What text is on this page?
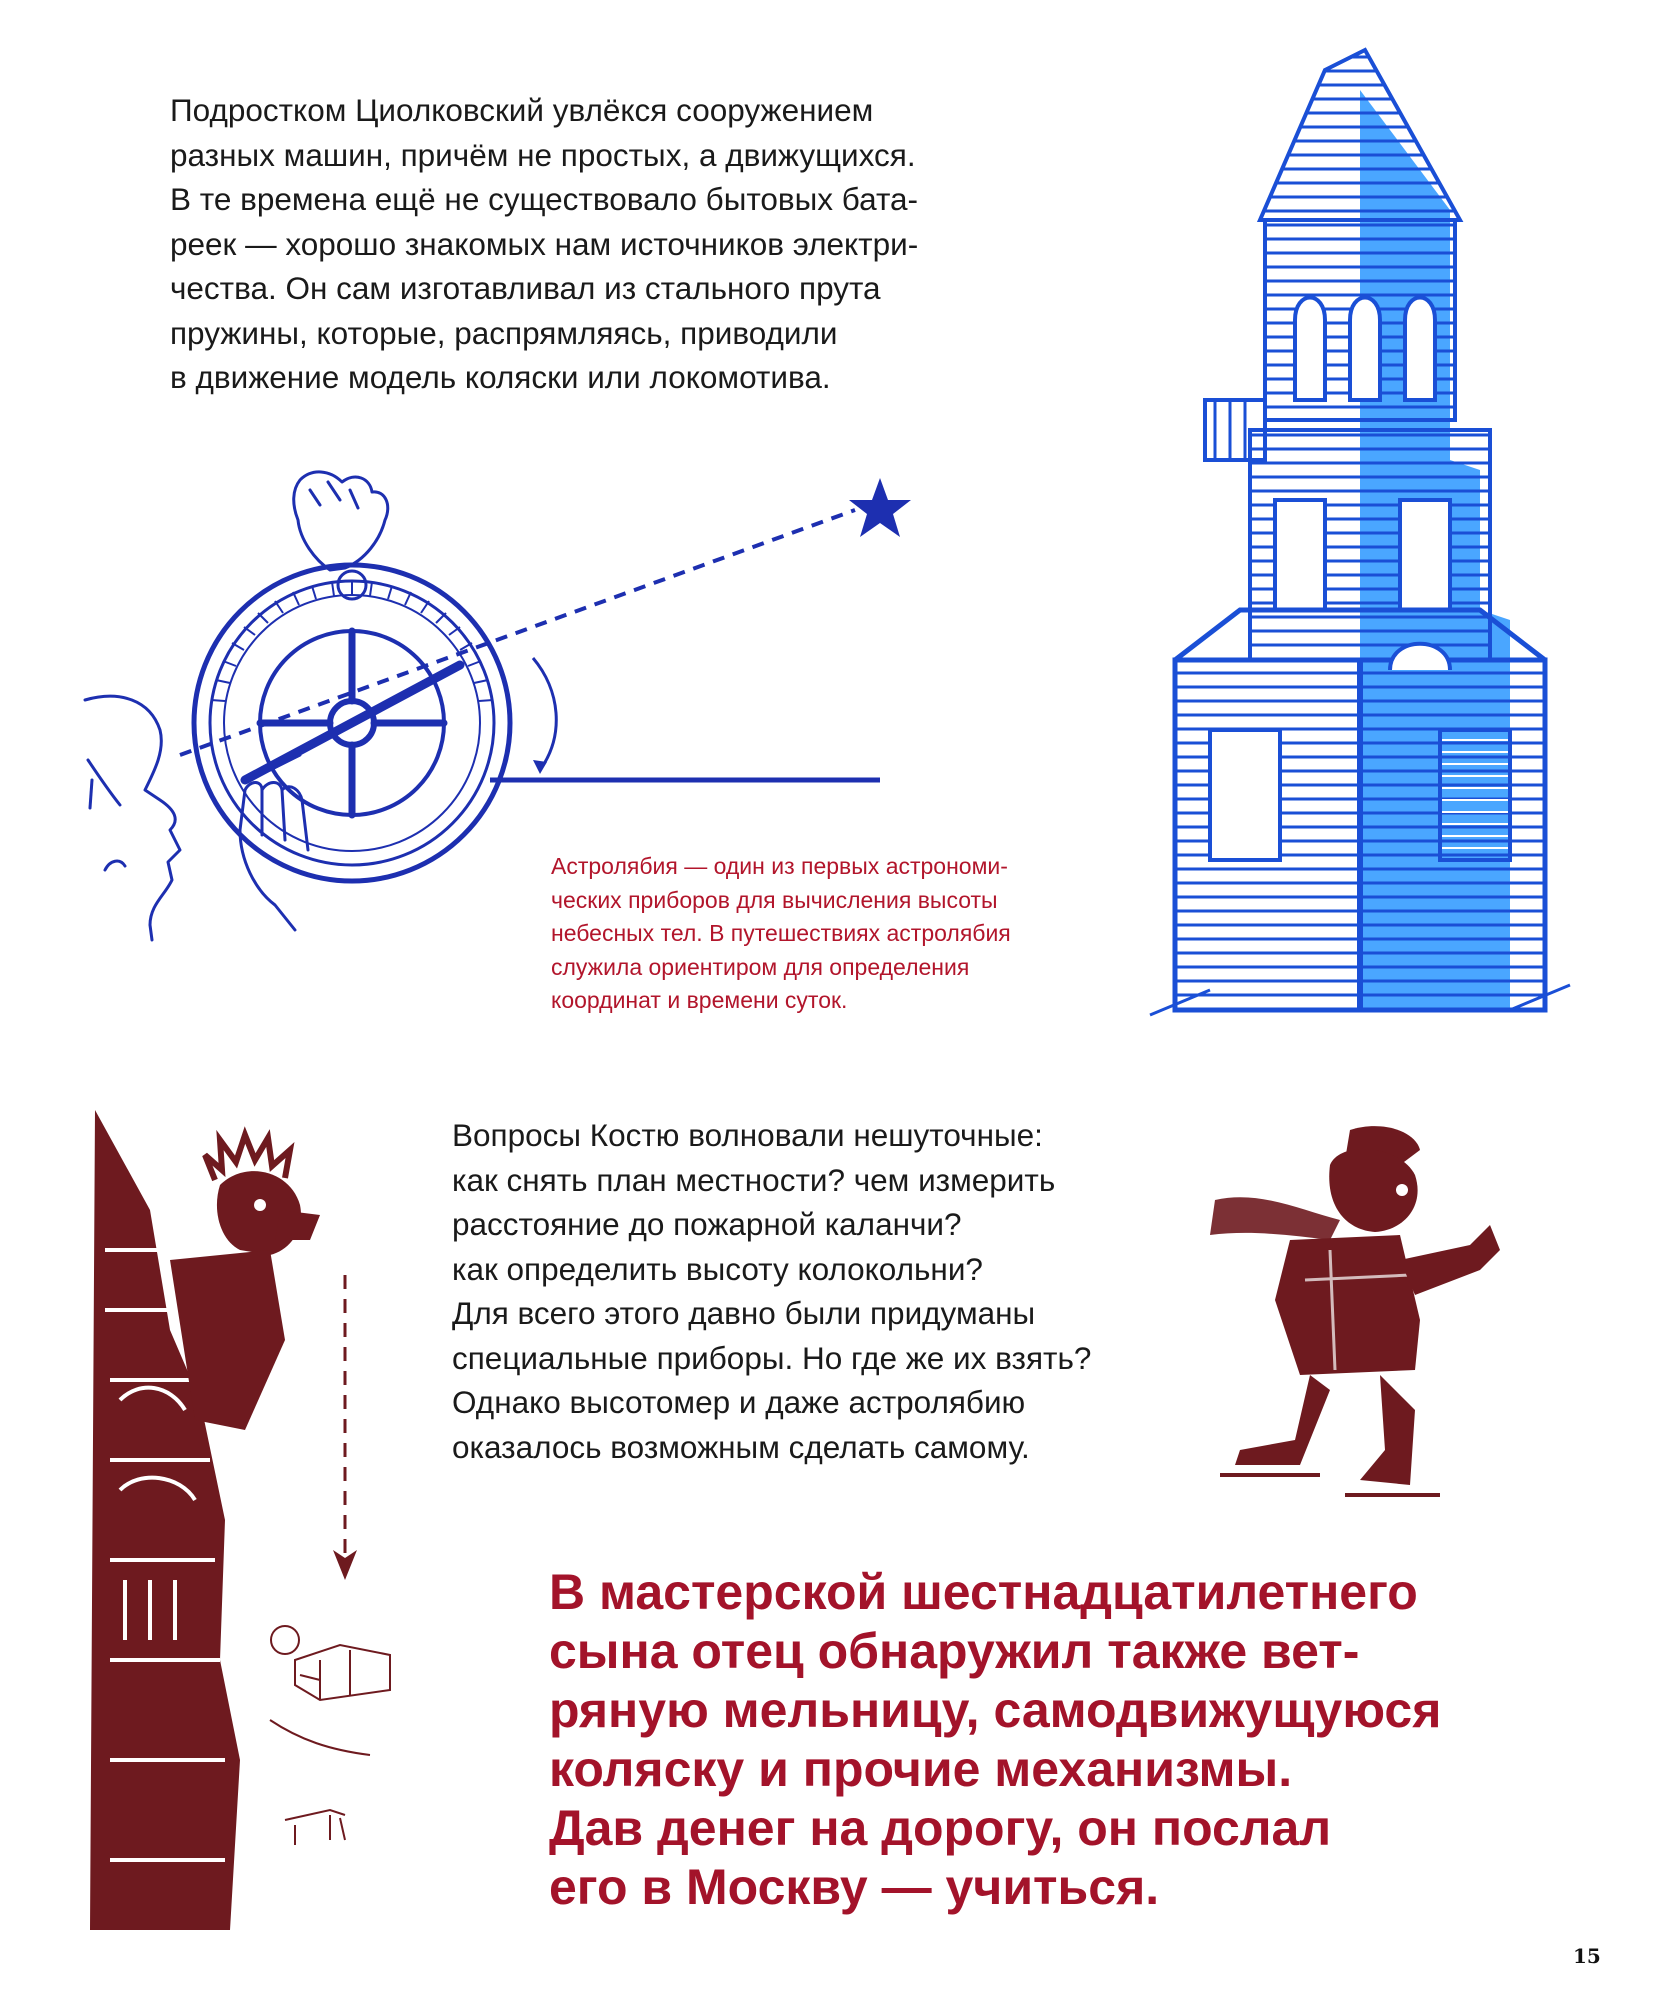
Подростком Циолковский увлёкся сооружением
разных машин, причём не простых, а движущихся.
В те времена ещё не существовало бытовых бата-
реек — хорошо знакомых нам источников электри-
чества. Он сам изготавливал из стального прута
пружины, которые, распрямляясь, приводили
в движение модель коляски или локомотива.
Астролябия — один из первых астрономи-
ческих приборов для вычисления высоты
небесных тел. В путешествиях астролябия
служила ориентиром для определения
координат и времени суток.
Вопросы Костю волновали нешуточные:
как снять план местности? чем измерить
расстояние до пожарной каланчи?
как определить высоту колокольни?
Для всего этого давно были придуманы
специальные приборы. Но где же их взять?
Однако высотомер и даже астролябию
оказалось возможным сделать самому.
В мастерской шестнадцатилетнего
сына отец обнаружил также вет-
ряную мельницу, самодвижущуюся
коляску и прочие механизмы.
Дав денег на дорогу, он послал
его в Москву — учиться.
15
